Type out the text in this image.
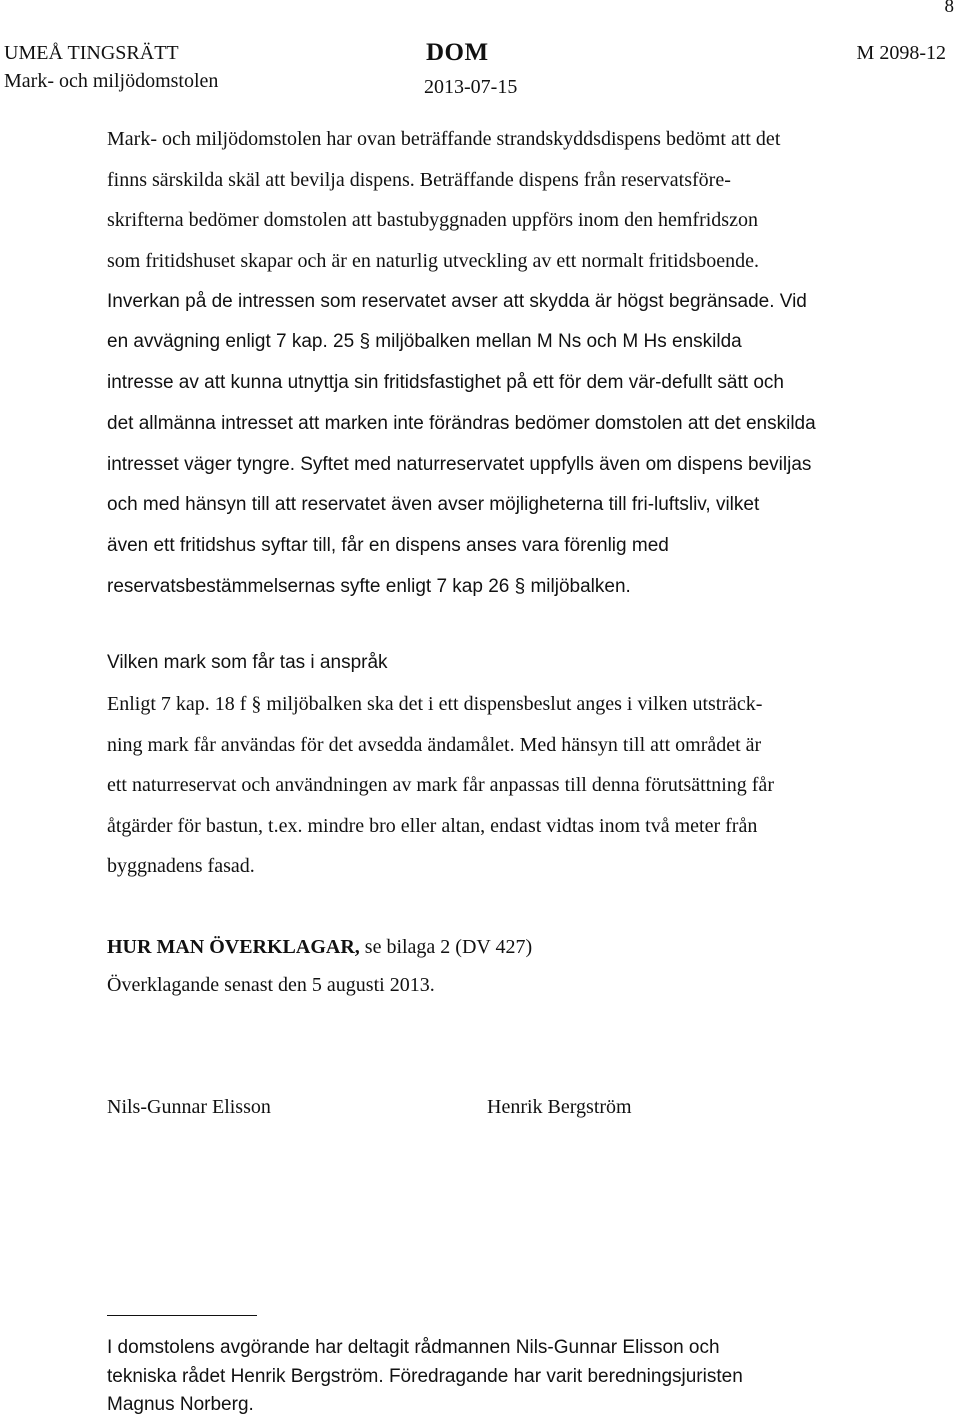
8
UMEÅ TINGSRÄTT
Mark- och miljödomstolen
DOM
2013-07-15
M 2098-12
Mark- och miljödomstolen har ovan beträffande strandskyddsdispens bedömt att det
finns särskilda skäl att bevilja dispens. Beträffande dispens från reservatsföre-
skrifterna bedömer domstolen att bastubyggnaden uppförs inom den hemfridszon
som fritidshuset skapar och är en naturlig utveckling av ett normalt fritidsboende.
Inverkan på de intressen som reservatet avser att skydda är högst begränsade. Vid
en avvägning enligt 7 kap. 25 § miljöbalken mellan M Ns och M Hs enskilda
intresse av att kunna utnyttja sin fritidsfastighet på ett för dem vär-defullt sätt och
det allmänna intresset att marken inte förändras bedömer domstolen att det enskilda
intresset väger tyngre. Syftet med naturreservatet uppfylls även om dispens beviljas
och med hänsyn till att reservatet även avser möjligheterna till fri-luftsliv, vilket
även ett fritidshus syftar till, får en dispens anses vara förenlig med
reservatsbestämmelsernas syfte enligt 7 kap 26 § miljöbalken.
Vilken mark som får tas i anspråk
Enligt 7 kap. 18 f § miljöbalken ska det i ett dispensbeslut anges i vilken utsträck-
ning mark får användas för det avsedda ändamålet. Med hänsyn till att området är
ett naturreservat och användningen av mark får anpassas till denna förutsättning får
åtgärder för bastun, t.ex. mindre bro eller altan, endast vidtas inom två meter från
byggnadens fasad.
HUR MAN ÖVERKLAGAR, se bilaga 2 (DV 427)
Överklagande senast den 5 augusti 2013.
Nils-Gunnar Elisson	Henrik Bergström
I domstolens avgörande har deltagit rådmannen Nils-Gunnar Elisson och
tekniska rådet Henrik Bergström. Föredragande har varit beredningsjuristen
Magnus Norberg.
